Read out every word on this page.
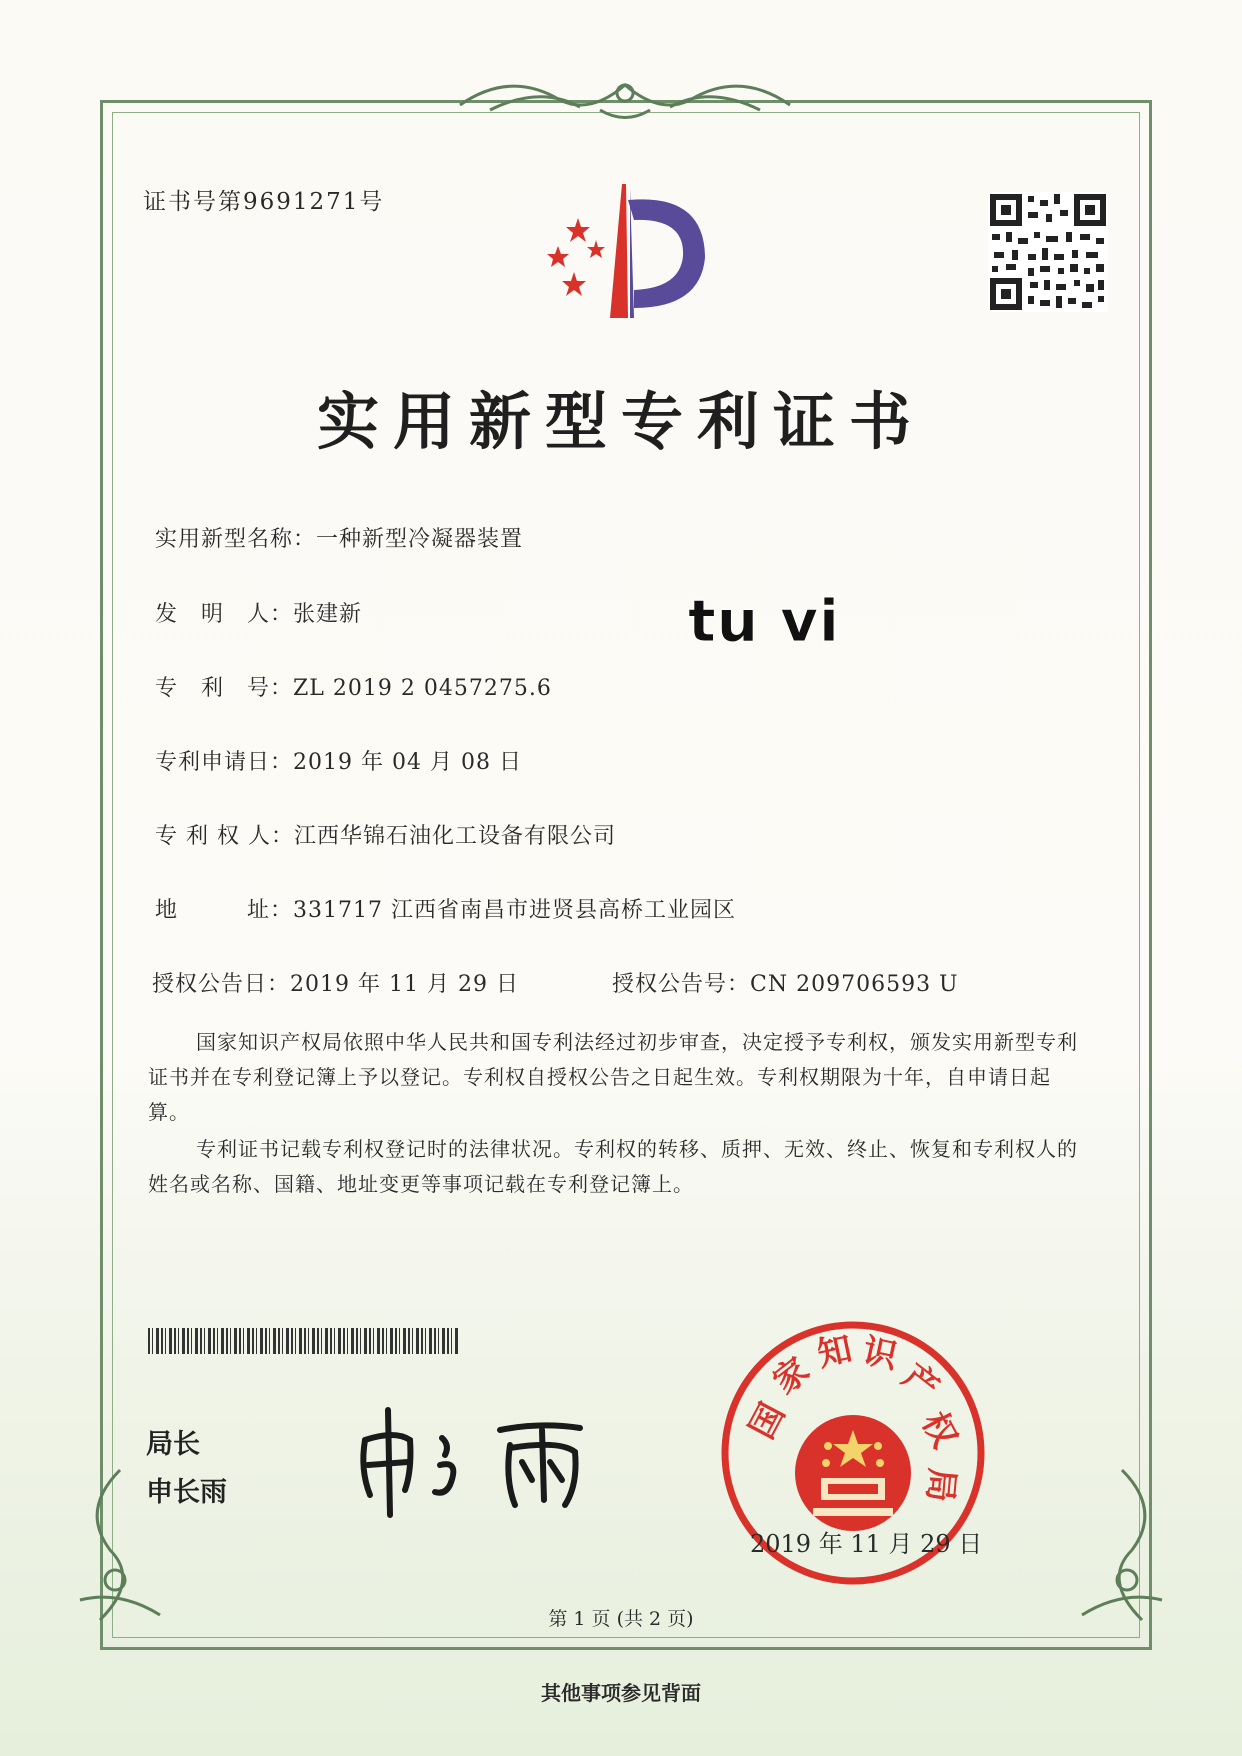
证书号第9691271号
实用新型专利证书
实用新型名称：一种新型冷凝器装置
发　明　人：张建新
专　利　号：ZL 2019 2 0457275.6
专利申请日：2019 年 04 月 08 日
专 利 权 人：江西华锦石油化工设备有限公司
地　　　址：331717 江西省南昌市进贤县高桥工业园区
授权公告日：2019 年 11 月 29 日	授权公告号：CN 209706593 U
tu vi
国家知识产权局依照中华人民共和国专利法经过初步审查，决定授予专利权，颁发实用新型专利证书并在专利登记簿上予以登记。专利权自授权公告之日起生效。专利权期限为十年，自申请日起算。
专利证书记载专利权登记时的法律状况。专利权的转移、质押、无效、终止、恢复和专利权人的姓名或名称、国籍、地址变更等事项记载在专利登记簿上。
局长
申长雨
国
家
知 识
产
权
局
2019 年 11 月 29 日
第 1 页 (共 2 页)
其他事项参见背面
